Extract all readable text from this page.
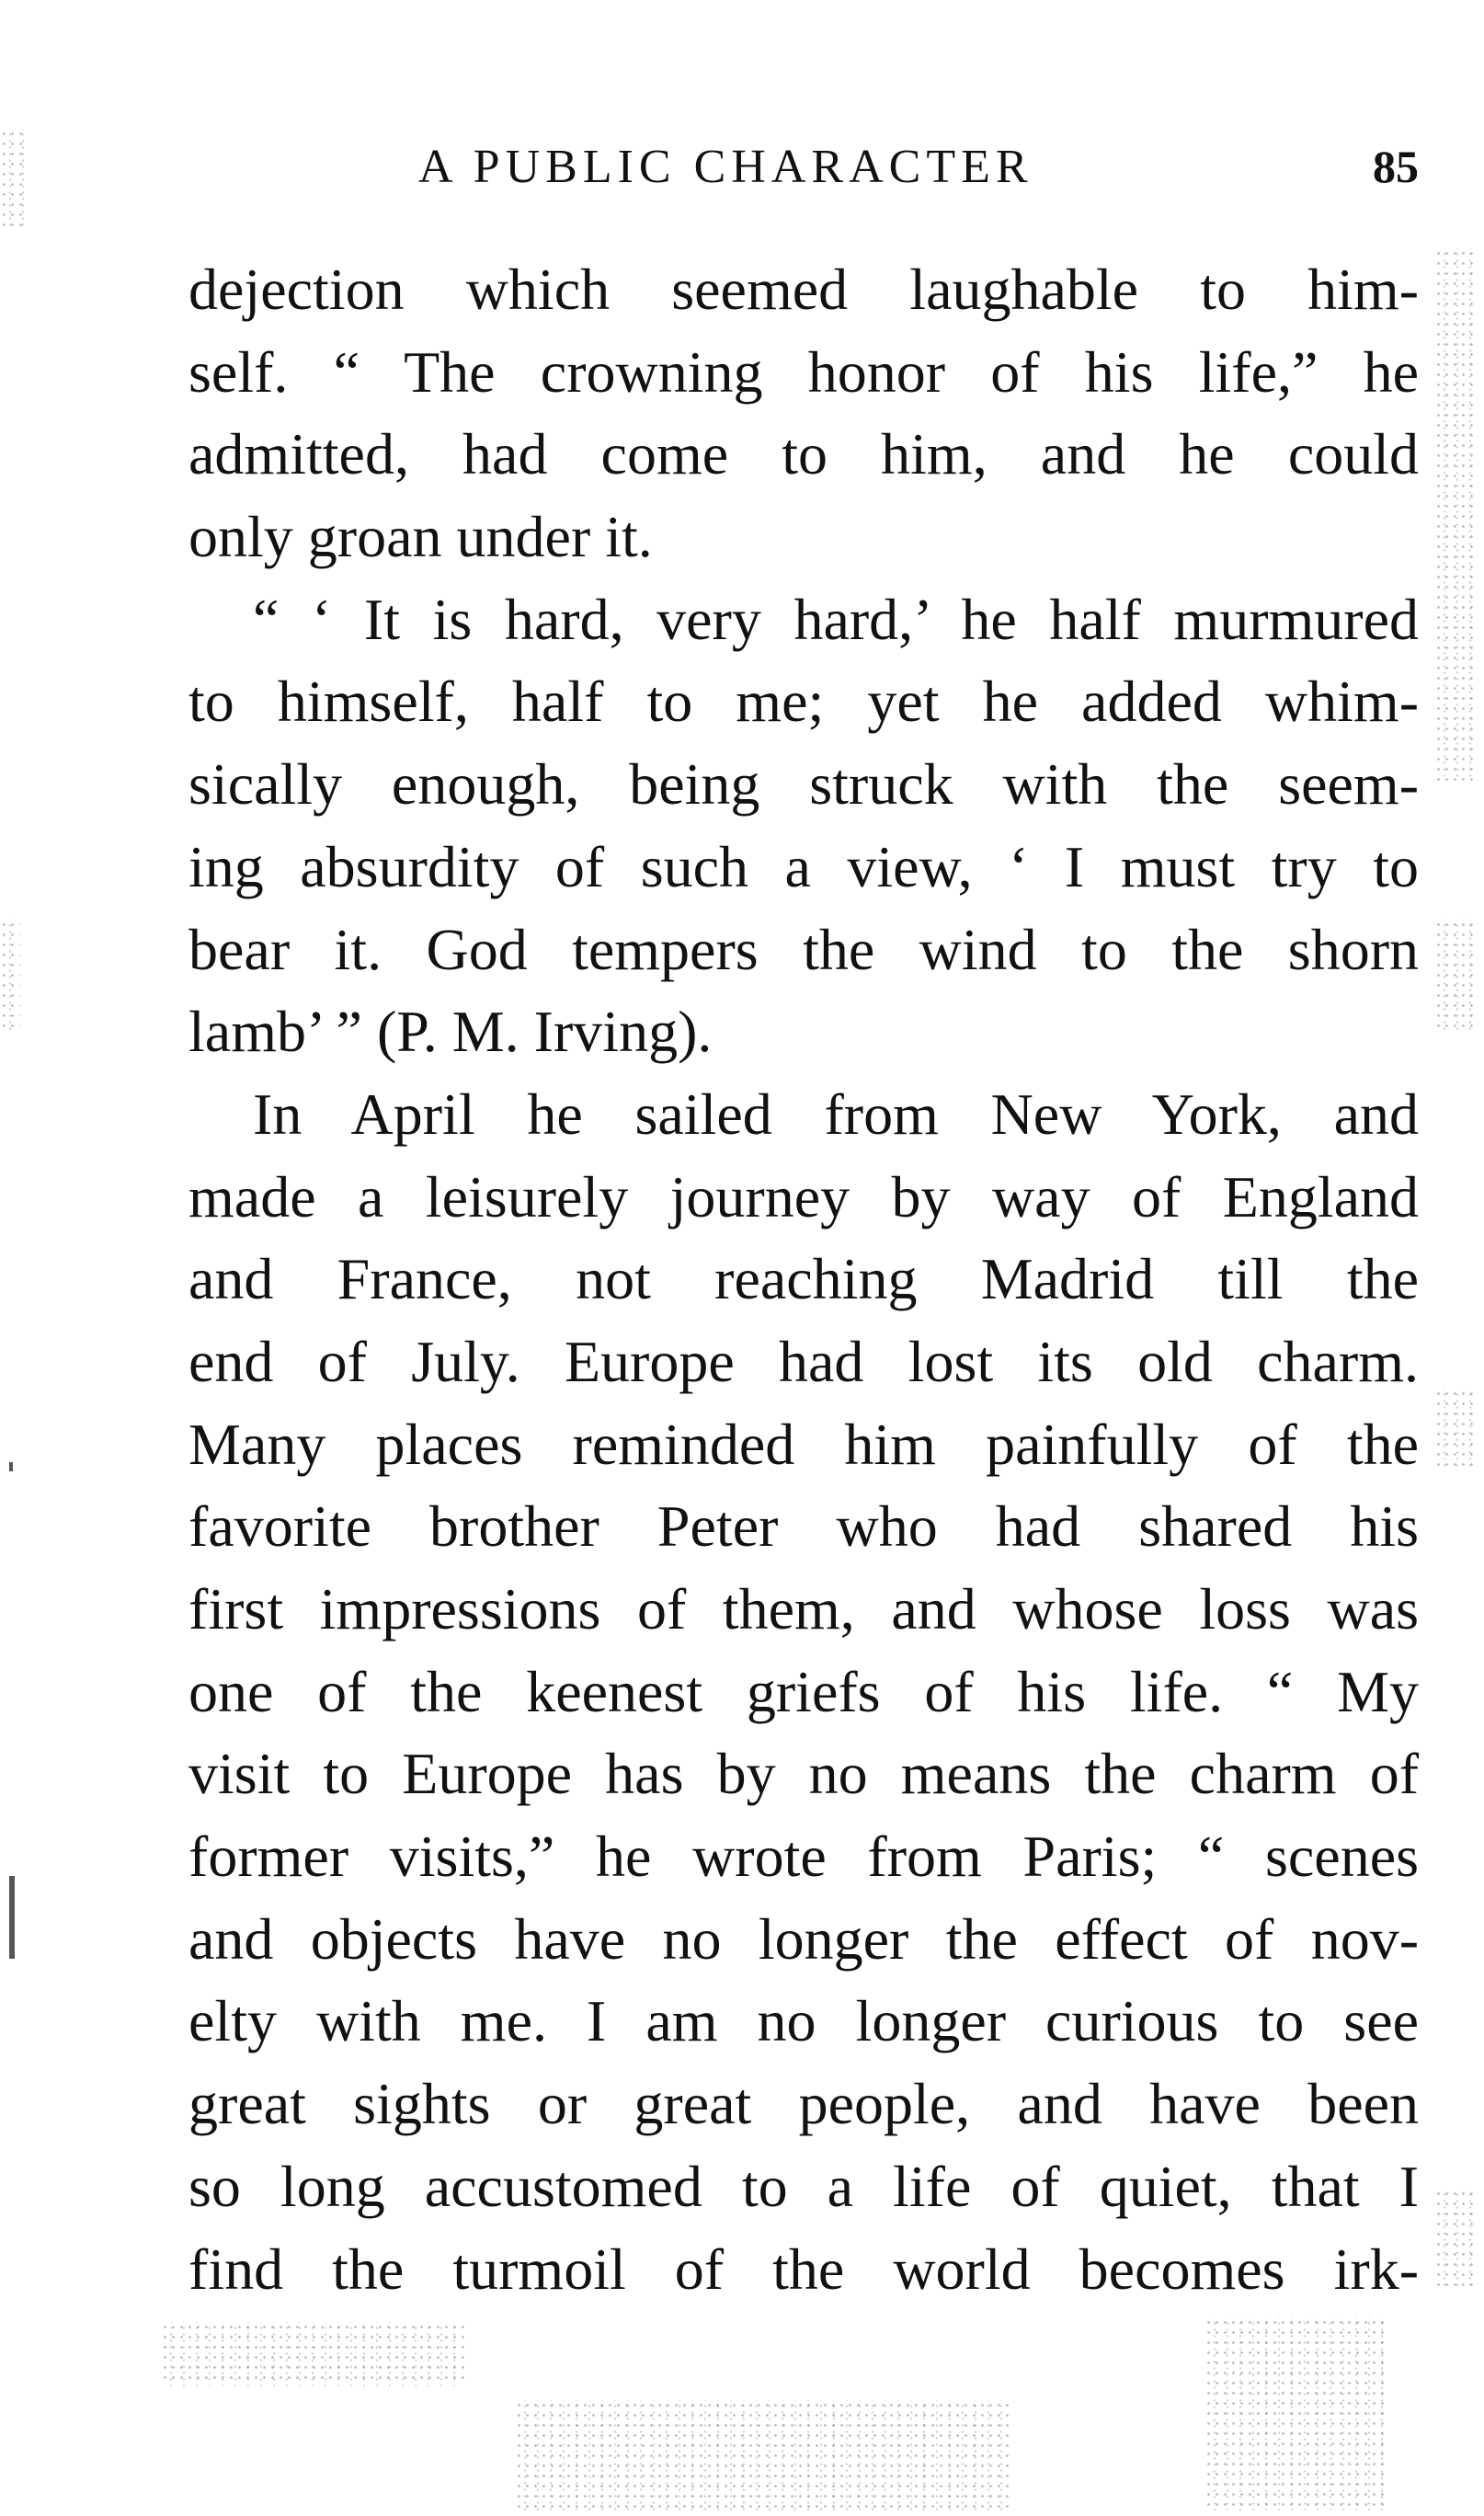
A PUBLIC CHARACTER	85
dejection which seemed laughable to him-
self. “ The crowning honor of his life,” he
admitted, had come to him, and he could
only groan under it.
“ ‘ It is hard, very hard,’ he half murmured
to himself, half to me; yet he added whim-
sically enough, being struck with the seem-
ing absurdity of such a view, ‘ I must try to
bear it. God tempers the wind to the shorn
lamb’ ” (P. M. Irving).
In April he sailed from New York, and
made a leisurely journey by way of England
and France, not reaching Madrid till the
end of July. Europe had lost its old charm.
Many places reminded him painfully of the
favorite brother Peter who had shared his
first impressions of them, and whose loss was
one of the keenest griefs of his life. “ My
visit to Europe has by no means the charm of
former visits,” he wrote from Paris; “ scenes
and objects have no longer the effect of nov-
elty with me. I am no longer curious to see
great sights or great people, and have been
so long accustomed to a life of quiet, that I
find the turmoil of the world becomes irk-
